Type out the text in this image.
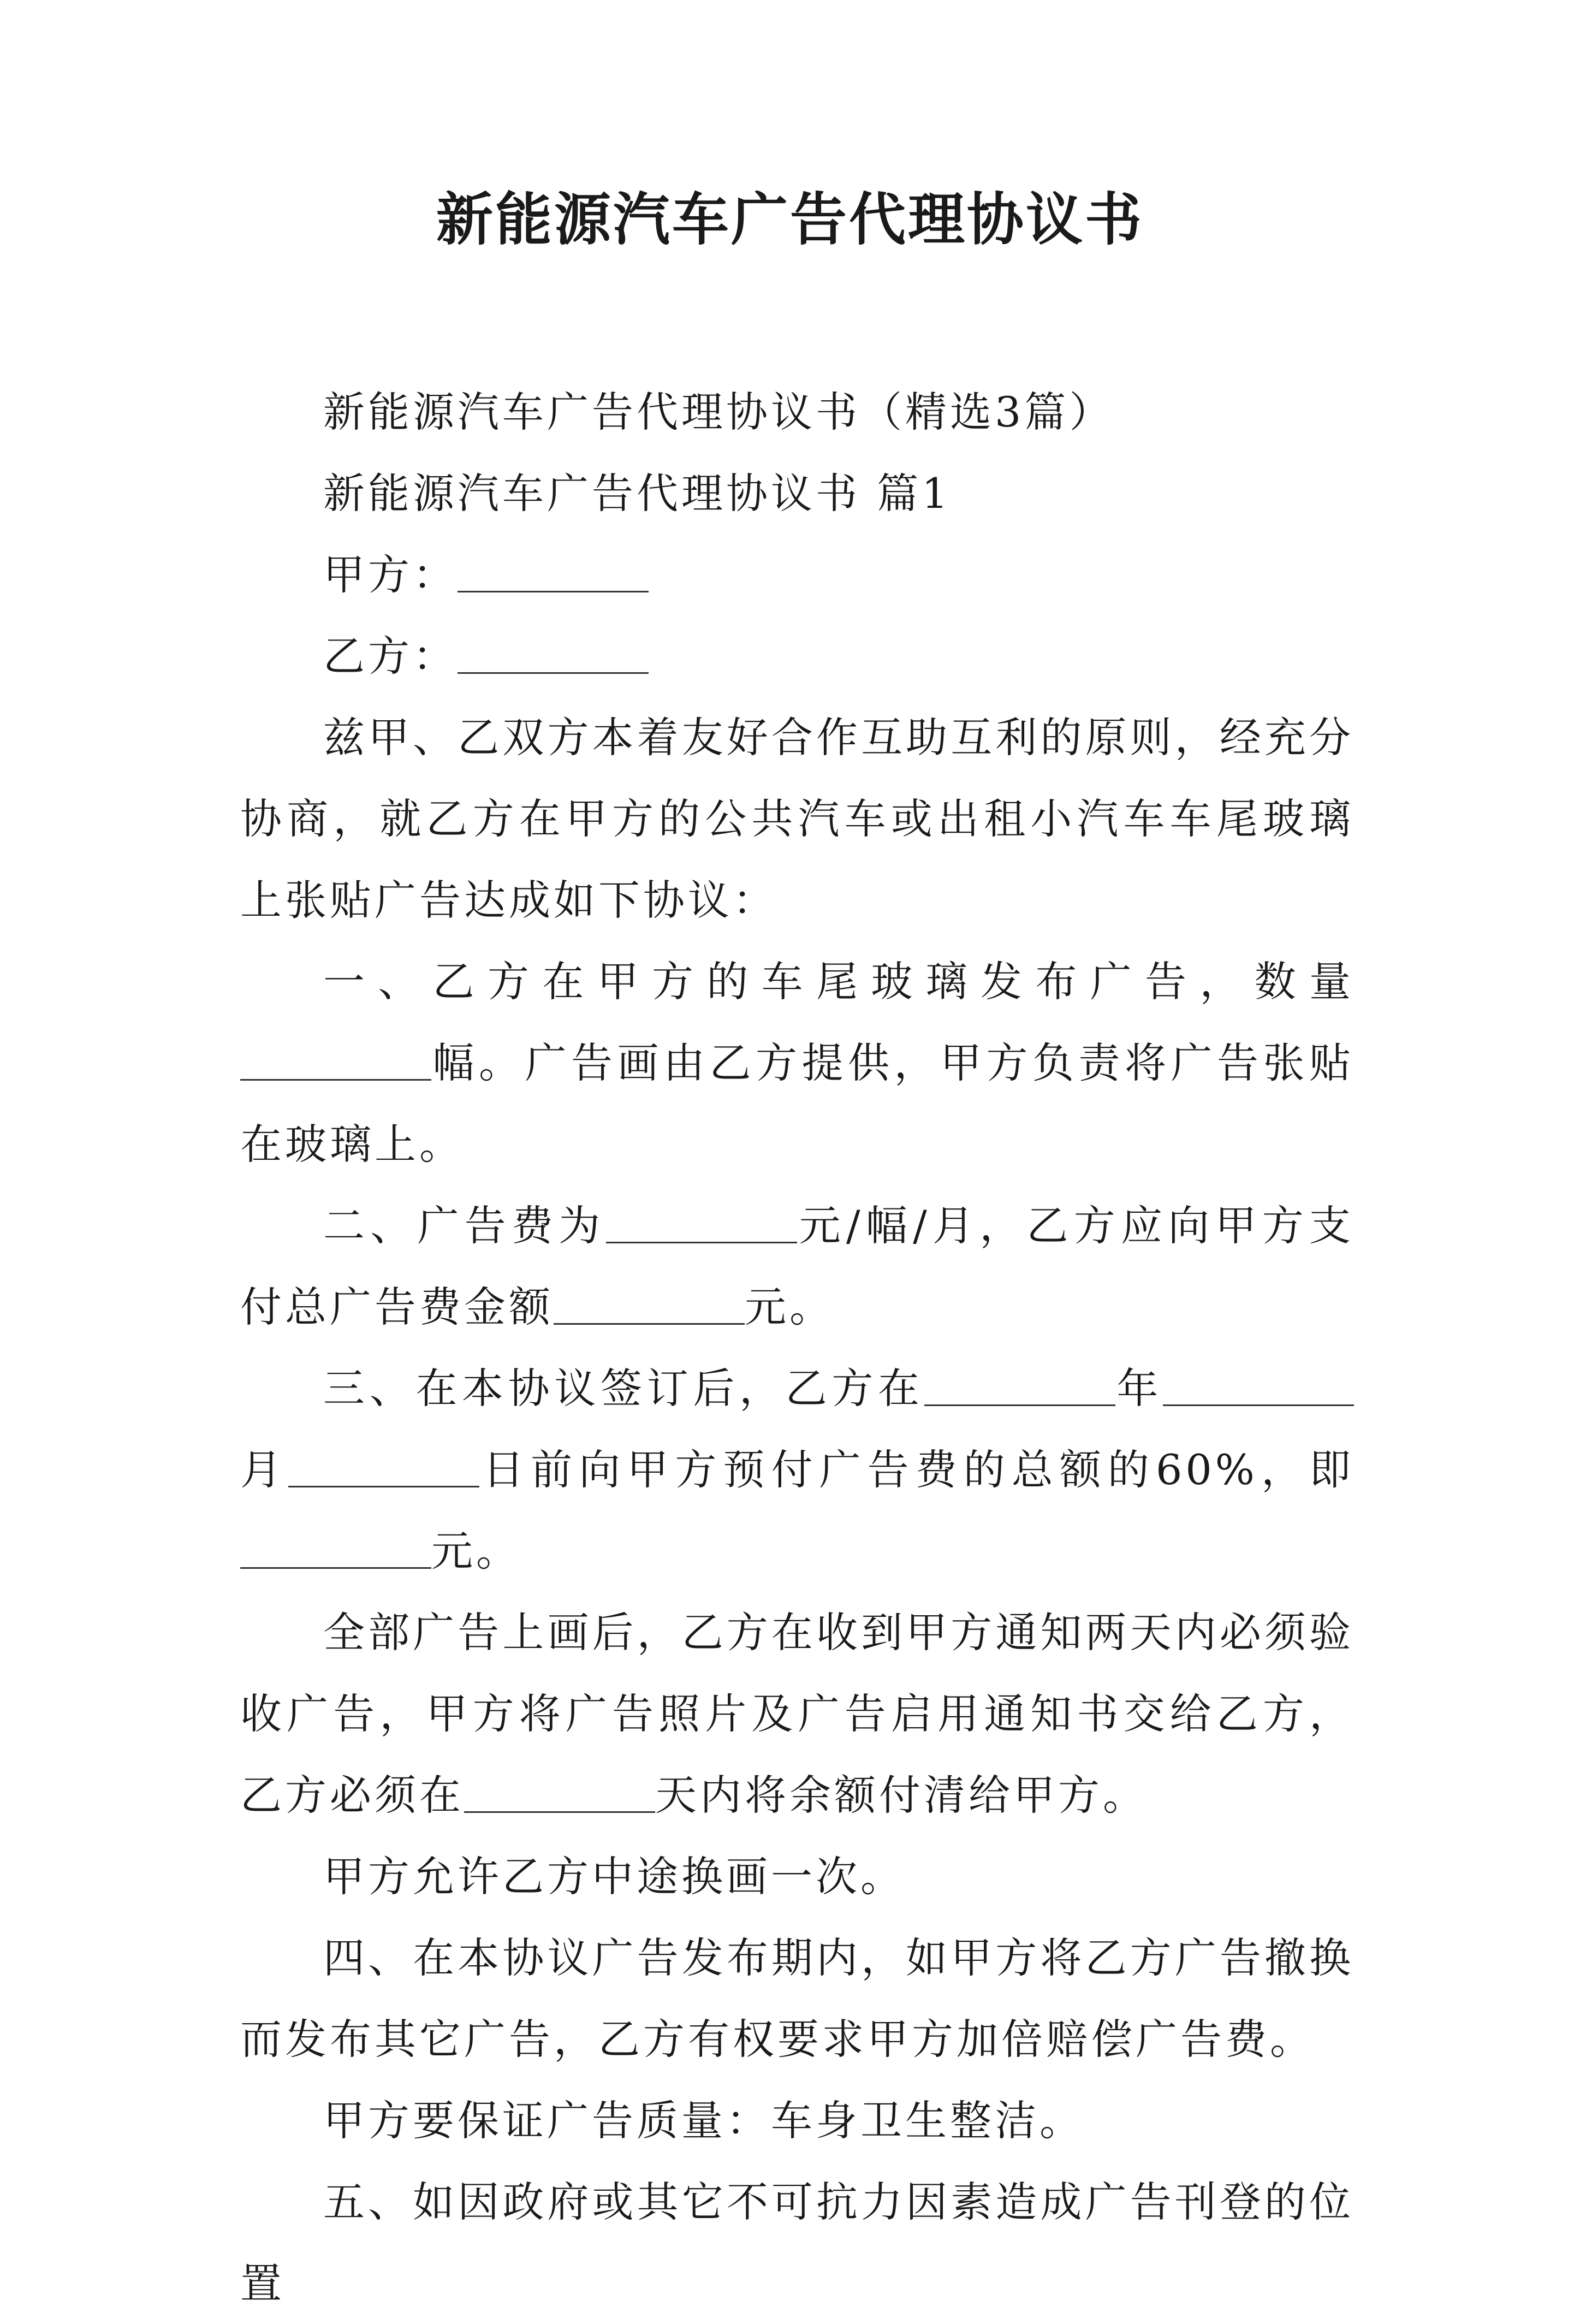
新能源汽车广告代理协议书

新能源汽车广告代理协议书（精选3篇）

新能源汽车广告代理协议书 篇1

甲方：

乙方：

兹甲、乙双方本着友好合作互助互利的原则，经充分协商，就乙方在甲方的公共汽车或出租小汽车车尾玻璃上张贴广告达成如下协议：

一、乙方在甲方的车尾玻璃发布广告，数量幅。广告画由乙方提供，甲方负责将广告张贴在玻璃上。

二、广告费为	元/幅/月，乙方应向甲方支付总广告费金额	元。

三、在本协议签订后，乙方在	年月	日前向甲方预付广告费的总额的60%，即元。

全部广告上画后，乙方在收到甲方通知两天内必须验收广告，甲方将广告照片及广告启用通知书交给乙方，乙方必须在	天内将余额付清给甲方。

甲方允许乙方中途换画一次。

四、在本协议广告发布期内，如甲方将乙方广告撤换而发布其它广告，乙方有权要求甲方加倍赔偿广告费。

甲方要保证广告质量：车身卫生整洁。

五、如因政府或其它不可抗力因素造成广告刊登的位置
